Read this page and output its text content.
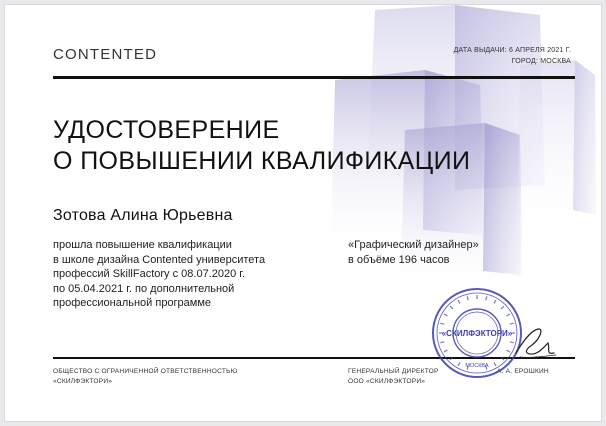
CONTENTED	ДАТА ВЫДАЧИ: 6 АПРЕЛЯ 2021 Г.
ГОРОД: МОСКВА
УДОСТОВЕРЕНИЕ
О ПОВЫШЕНИИ КВАЛИФИКАЦИИ
Зотова Алина Юрьевна
прошла повышение квалификации
в школе дизайна Contented университета
профессий SkillFactory с 08.07.2020 г.
по 05.04.2021 г. по дополнительной
профессиональной программе
«Графический дизайнер»
в объёме 196 часов
ОБЩЕСТВО С ОГРАНИЧЕННОЙ ОТВЕТСТВЕННОСТЬЮ
«СКИЛФЭКТОРИ»
ГЕНЕРАЛЬНЫЙ ДИРЕКТОР
ООО «СКИЛФЭКТОРИ»
А. А. ЕРОШКИН
«СКИЛФЭКТОРИ»
МОСКВА
